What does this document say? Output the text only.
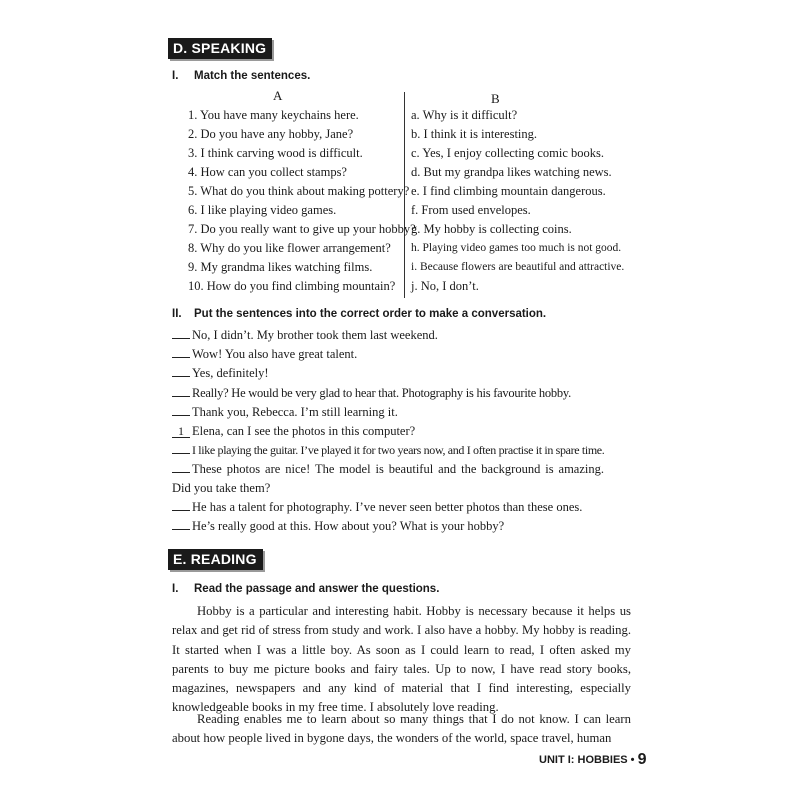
D. SPEAKING
I. Match the sentences.
A	B
1. You have many keychains here.
2. Do you have any hobby, Jane?
3. I think carving wood is difficult.
4. How can you collect stamps?
5. What do you think about making pottery?
6. I like playing video games.
7. Do you really want to give up your hobby?
8. Why do you like flower arrangement?
9. My grandma likes watching films.
10. How do you find climbing mountain?
a. Why is it difficult?
b. I think it is interesting.
c. Yes, I enjoy collecting comic books.
d. But my grandpa likes watching news.
e. I find climbing mountain dangerous.
f. From used envelopes.
g. My hobby is collecting coins.
h. Playing video games too much is not good.
i. Because flowers are beautiful and attractive.
j. No, I don’t.
II. Put the sentences into the correct order to make a conversation.
No, I didn’t. My brother took them last weekend.
Wow! You also have great talent.
Yes, definitely!
Really? He would be very glad to hear that. Photography is his favourite hobby.
Thank you, Rebecca. I’m still learning it.
1 Elena, can I see the photos in this computer?
I like playing the guitar. I’ve played it for two years now, and I often practise it in spare time.
These photos are nice! The model is beautiful and the background is amazing. Did you take them?
He has a talent for photography. I’ve never seen better photos than these ones.
He’s really good at this. How about you? What is your hobby?
E. READING
I. Read the passage and answer the questions.
Hobby is a particular and interesting habit. Hobby is necessary because it helps us relax and get rid of stress from study and work. I also have a hobby. My hobby is reading. It started when I was a little boy. As soon as I could learn to read, I often asked my parents to buy me picture books and fairy tales. Up to now, I have read story books, magazines, newspapers and any kind of material that I find interesting, especially knowledgeable books in my free time. I absolutely love reading.
Reading enables me to learn about so many things that I do not know. I can learn about how people lived in bygone days, the wonders of the world, space travel, human
UNIT I: HOBBIES • 9
